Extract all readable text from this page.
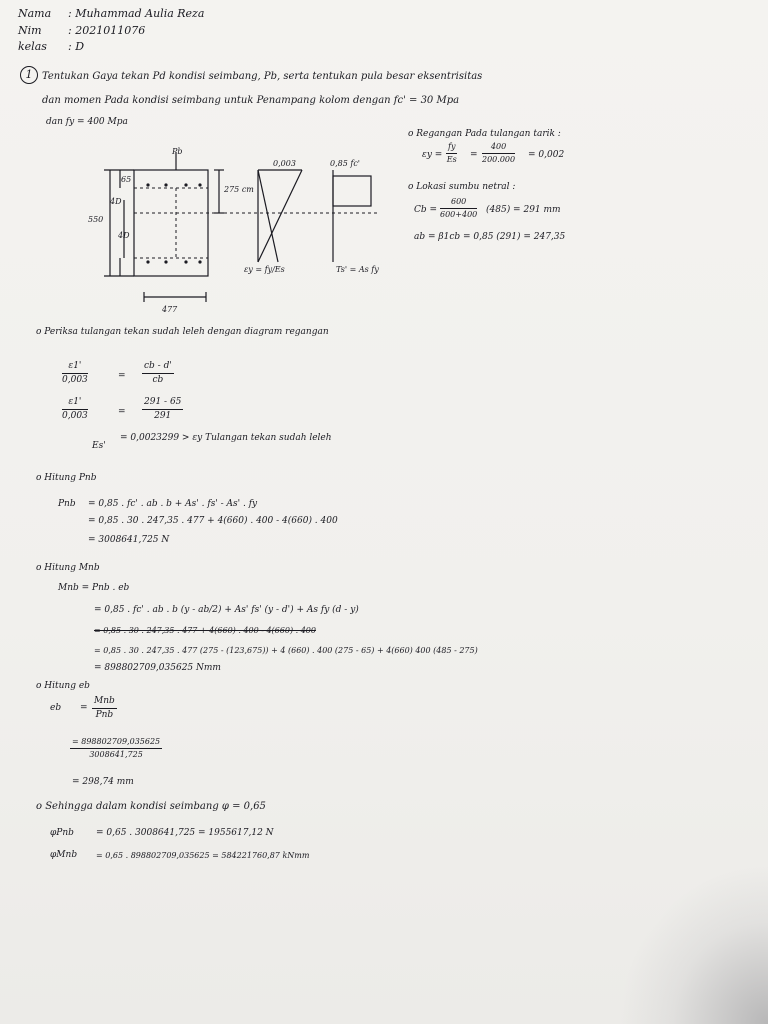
Nama : Muhammad Aulia Reza
Nim : 2021011076
kelas : D
1 Tentukan Gaya tekan Pd kondisi seimbang, Pb, serta tentukan pula besar eksentrisitas
dan momen Pada kondisi seimbang untuk Penampang kolom dengan fc' = 30 Mpa
dan fy = 400 Mpa
Pb
0,003	0,85 fc'
65
275 cm
550
4D
4D
εy = fy/Es	Ts' = As fy
477
o Regangan Pada tulangan tarik :
$\varepsilon y = \frac{fy}{Es} = \frac{400}{200.000} = 0,002$
o Lokasi sumbu netral :
$Cb = \frac{600}{600+400} (485) = 291$ mm
ab = β1cb = 0,85 (291) = 247,35
o Periksa tulangan tekan sudah leleh dengan diagram regangan
$\frac{\varepsilon 1'}{0,003}$	= $\frac{cb - d'}{cb}$
$\frac{\varepsilon 1'}{0,003}$	= $\frac{291 - 65}{291}$
Es'
= 0,0023299 > εy Tulangan tekan sudah leleh
o Hitung Pnb
Pnb = 0,85 . fc' . ab . b + As' . fs' - As' . fy
= 0,85 . 30 . 247,35 . 477 + 4(660) . 400 - 4(660) . 400
= 3008641,725 N
o Hitung Mnb
Mnb = Pnb . eb
= 0,85 . fc' . ab . b (y - ab/2) + As' fs' (y - d') + As fy (d - y)
= 0,85 . 30 . 247,35 . 477 + 4(660) . 400 - 4(660) . 400
= 0,85 . 30 . 247,35 . 477 (275 - (123,675)) + 4 (660) . 400 (275 - 65) + 4(660) 400 (485 - 275)
= 898802709,035625 Nmm
o Hitung eb
eb =
Mnb
Pnb
$\frac{= 898802709,035625}{3008641,725}$
= 298,74 mm
o Sehingga dalam kondisi seimbang φ = 0,65
φPnb = 0,65 . 3008641,725 = 1955617,12 N
φMnb = 0,65 . 898802709,035625 = 584221760,87 kNmm
